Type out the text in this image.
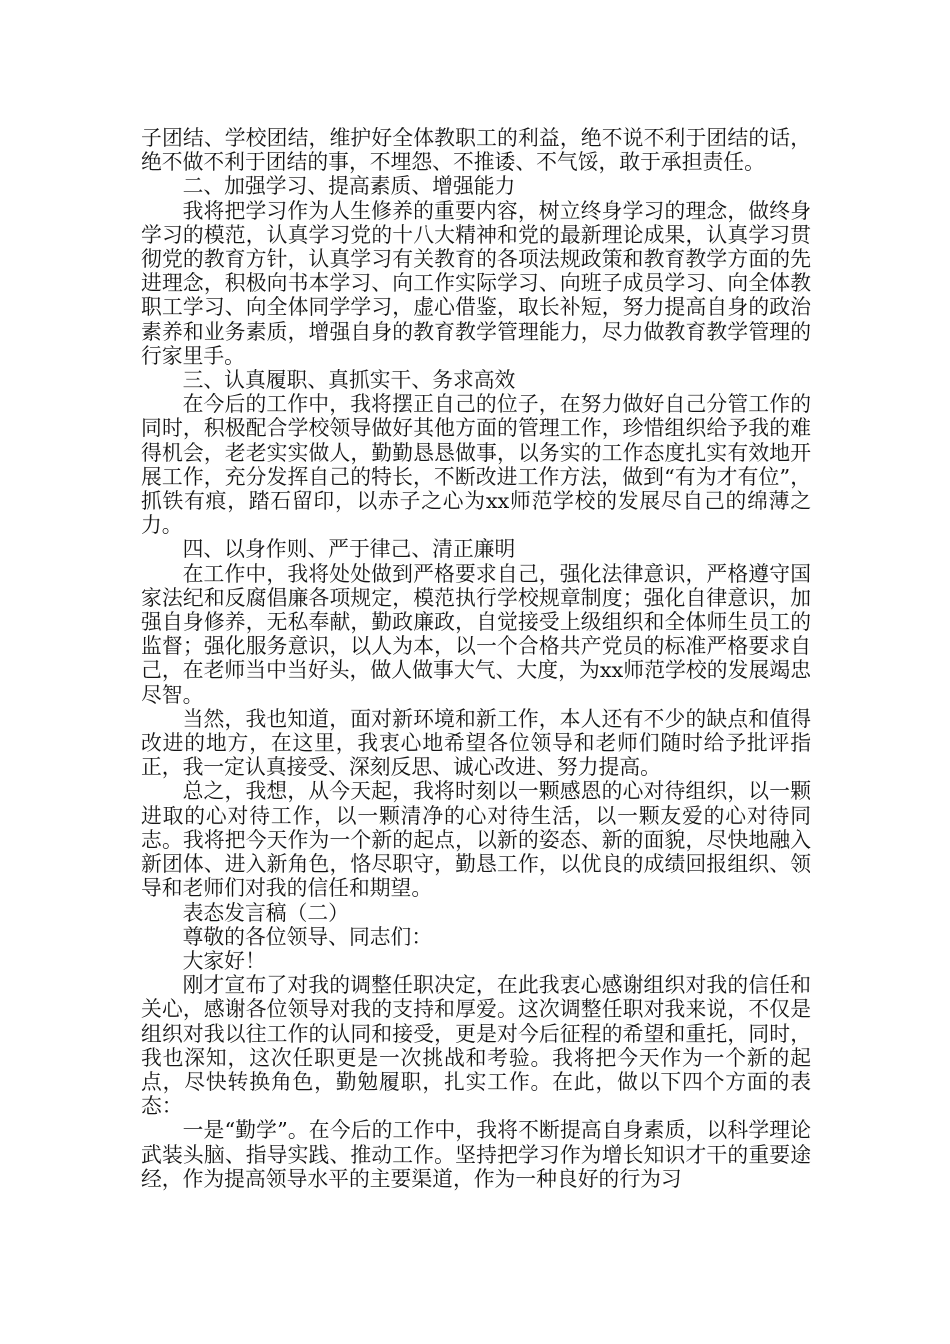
子团结、学校团结，维护好全体教职工的利益，绝不说不利于团结的话，绝不做不利于团结的事，不埋怨、不推诿、不气馁，敢于承担责任。

二、加强学习、提高素质、增强能力

我将把学习作为人生修养的重要内容，树立终身学习的理念，做终身学习的模范，认真学习党的十八大精神和党的最新理论成果，认真学习贯彻党的教育方针，认真学习有关教育的各项法规政策和教育教学方面的先进理念，积极向书本学习、向工作实际学习、向班子成员学习、向全体教职工学习、向全体同学学习，虚心借鉴，取长补短，努力提高自身的政治素养和业务素质，增强自身的教育教学管理能力，尽力做教育教学管理的行家里手。

三、认真履职、真抓实干、务求高效

在今后的工作中，我将摆正自己的位子，在努力做好自己分管工作的同时，积极配合学校领导做好其他方面的管理工作，珍惜组织给予我的难得机会，老老实实做人，勤勤恳恳做事，以务实的工作态度扎实有效地开展工作，充分发挥自己的特长，不断改进工作方法，做到“有为才有位”，抓铁有痕，踏石留印，以赤子之心为xx师范学校的发展尽自己的绵薄之力。

四、以身作则、严于律己、清正廉明

在工作中，我将处处做到严格要求自己，强化法律意识，严格遵守国家法纪和反腐倡廉各项规定，模范执行学校规章制度；强化自律意识，加强自身修养，无私奉献，勤政廉政，自觉接受上级组织和全体师生员工的监督；强化服务意识，以人为本，以一个合格共产党员的标准严格要求自己，在老师当中当好头，做人做事大气、大度，为xx师范学校的发展竭忠尽智。

当然，我也知道，面对新环境和新工作，本人还有不少的缺点和值得改进的地方，在这里，我衷心地希望各位领导和老师们随时给予批评指正，我一定认真接受、深刻反思、诚心改进、努力提高。

总之，我想，从今天起，我将时刻以一颗感恩的心对待组织，以一颗进取的心对待工作，以一颗清净的心对待生活，以一颗友爱的心对待同志。我将把今天作为一个新的起点，以新的姿态、新的面貌，尽快地融入新团体、进入新角色，恪尽职守，勤恳工作，以优良的成绩回报组织、领导和老师们对我的信任和期望。

表态发言稿（二）

尊敬的各位领导、同志们：

大家好！

刚才宣布了对我的调整任职决定，在此我衷心感谢组织对我的信任和关心，感谢各位领导对我的支持和厚爱。这次调整任职对我来说，不仅是组织对我以往工作的认同和接受，更是对今后征程的希望和重托，同时，我也深知，这次任职更是一次挑战和考验。我将把今天作为一个新的起点，尽快转换角色，勤勉履职，扎实工作。在此，做以下四个方面的表态：

一是“勤学”。在今后的工作中，我将不断提高自身素质，以科学理论武装头脑、指导实践、推动工作。坚持把学习作为增长知识才干的重要途经，作为提高领导水平的主要渠道，作为一种良好的行为习
